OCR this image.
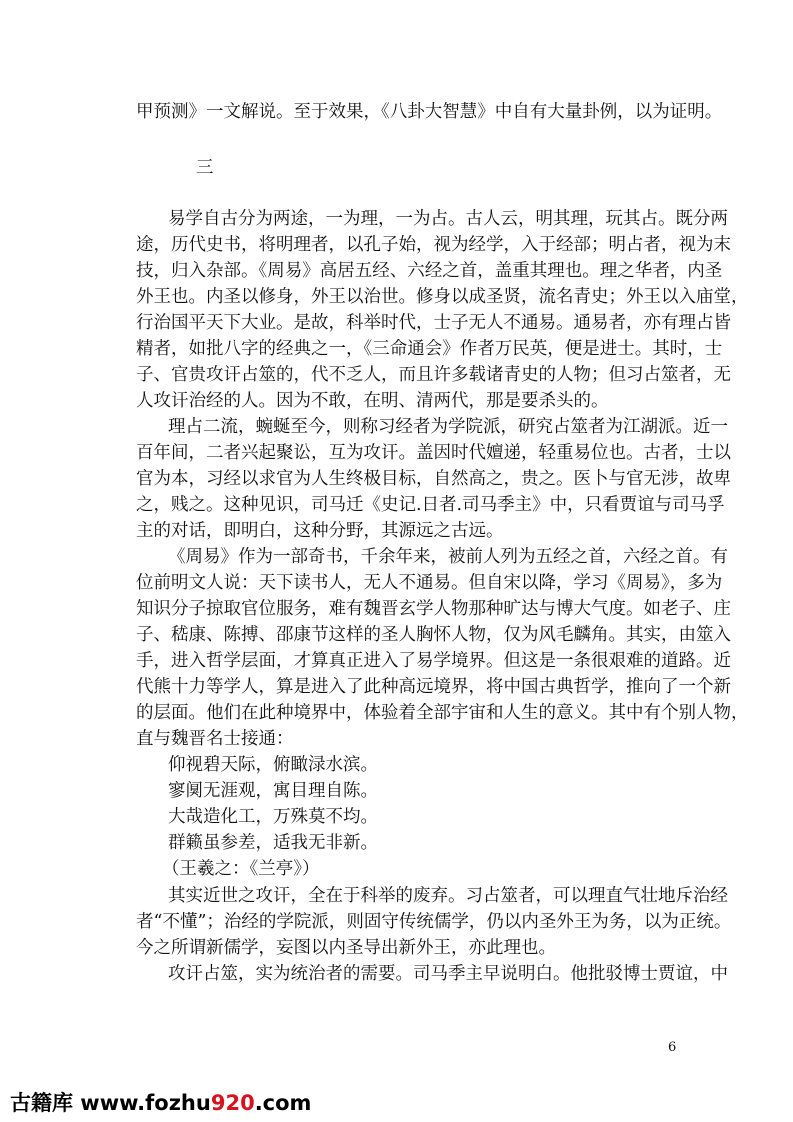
甲预测》一文解说。至于效果，《八卦大智慧》中自有大量卦例，以为证明。
三
易学自古分为两途，一为理，一为占。古人云，明其理，玩其占。既分两
途，历代史书，将明理者，以孔子始，视为经学，入于经部；明占者，视为末
技，归入杂部。《周易》高居五经、六经之首，盖重其理也。理之华者，内圣
外王也。内圣以修身，外王以治世。修身以成圣贤，流名青史；外王以入庙堂，
行治国平天下大业。是故，科举时代，士子无人不通易。通易者，亦有理占皆
精者，如批八字的经典之一，《三命通会》作者万民英，便是进士。其时，士
子、官贵攻讦占筮的，代不乏人，而且许多载诸青史的人物；但习占筮者，无
人攻讦治经的人。因为不敢，在明、清两代，那是要杀头的。
理占二流，蜿蜒至今，则称习经者为学院派，研究占筮者为江湖派。近一
百年间，二者兴起聚讼，互为攻讦。盖因时代嬗递，轻重易位也。古者，士以
官为本，习经以求官为人生终极目标，自然高之，贵之。医卜与官无涉，故卑
之，贱之。这种见识，司马迁《史记.日者.司马季主》中，只看贾谊与司马孚
主的对话，即明白，这种分野，其源远之古远。
《周易》作为一部奇书，千余年来，被前人列为五经之首，六经之首。有
位前明文人说：天下读书人，无人不通易。但自宋以降，学习《周易》，多为
知识分子掠取官位服务，难有魏晋玄学人物那种旷达与博大气度。如老子、庄
子、嵇康、陈搏、邵康节这样的圣人胸怀人物，仅为风毛麟角。其实，由筮入
手，进入哲学层面，才算真正进入了易学境界。但这是一条很艰难的道路。近
代熊十力等学人，算是进入了此种高远境界，将中国古典哲学，推向了一个新
的层面。他们在此种境界中，体验着全部宇宙和人生的意义。其中有个别人物，
直与魏晋名士接通：
仰视碧天际，俯瞰渌水滨。
寥阒无涯观，寓目理自陈。
大哉造化工，万殊莫不均。
群籁虽参差，适我无非新。
（王羲之：《兰亭》）
其实近世之攻讦，全在于科举的废弃。习占筮者，可以理直气壮地斥治经
者“不懂”；治经的学院派，则固守传统儒学，仍以内圣外王为务，以为正统。
今之所谓新儒学，妄图以内圣导出新外王，亦此理也。
攻讦占筮，实为统治者的需要。司马季主早说明白。他批驳博士贾谊，中
6
古籍库 www.fozhu920.com
